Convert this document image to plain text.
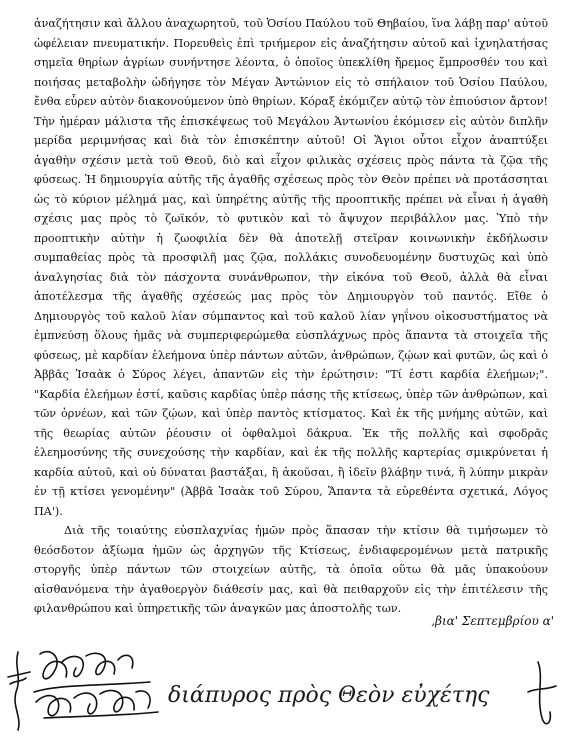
ἀναζήτησιν καὶ ἄλλου ἀναχωρητοῦ, τοῦ Ὁσίου Παύλου τοῦ Θηβαίου, ἵνα λάβῃ παρ' αὐτοῦ ὠφέλειαν πνευματικήν. Πορευθεὶς ἐπὶ τριήμερον εἰς ἀναζήτησιν αὐτοῦ καὶ ἰχνηλατήσας σημεῖα θηρίων ἀγρίων συνήντησε λέοντα, ὁ ὁποῖος ὑπεκλίθη ἤρεμος ἔμπροσθέν του καὶ ποιήσας μεταβολὴν ὡδήγησε τὸν Μέγαν Ἀντώνιον εἰς τὸ σπήλαιον τοῦ Ὁσίου Παύλου, ἔνθα εὗρεν αὐτὸν διακονούμενον ὑπὸ θηρίων. Κόραξ ἐκόμιζεν αὐτῷ τὸν ἐπιούσιον ἄρτον! Τὴν ἡμέραν μάλιστα τῆς ἐπισκέψεως τοῦ Μεγάλου Ἀντωνίου ἐκόμισεν εἰς αὐτὸν διπλῆν μερίδα μεριμνήσας καὶ διὰ τὸν ἐπισκέπτην αὐτοῦ! Οἱ Ἅγιοι οὗτοι εἶχον ἀναπτύξει ἀγαθὴν σχέσιν μετὰ τοῦ Θεοῦ, διὸ καὶ εἶχον φιλικὰς σχέσεις πρὸς πάντα τὰ ζῷα τῆς φύσεως. Ἡ δημιουργία αὐτῆς τῆς ἀγαθῆς σχέσεως πρὸς τὸν Θεὸν πρέπει νὰ προτάσσηται ὡς τὸ κύριον μέλημά μας, καὶ ὑπηρέτης αὐτῆς τῆς προοπτικῆς πρέπει νὰ εἶναι ἡ ἀγαθὴ σχέσις μας πρὸς τὸ ζωϊκόν, τὸ φυτικὸν καὶ τὸ ἄψυχον περιβάλλον μας. Ὑπὸ τὴν προοπτικὴν αὐτὴν ἡ ζωοφιλία δὲν θὰ ἀποτελῇ στεῖραν κοινωνικὴν ἐκδήλωσιν συμπαθείας πρὸς τὰ προσφιλῆ μας ζῷα, πολλάκις συνοδευομένην δυστυχῶς καὶ ὑπὸ ἀναλγησίας διὰ τὸν πάσχοντα συνάνθρωπον, τὴν εἰκόνα τοῦ Θεοῦ, ἀλλὰ θὰ εἶναι ἀποτέλεσμα τῆς ἀγαθῆς σχέσεώς μας πρὸς τὸν Δημιουργὸν τοῦ παντός. Εἴθε ὁ Δημιουργὸς τοῦ καλοῦ λίαν σύμπαντος καὶ τοῦ καλοῦ λίαν γηΐνου οἰκοσυστήματος νὰ ἐμπνεύσῃ ὅλους ἡμᾶς νὰ συμπεριφερώμεθα εὐσπλάχνως πρὸς ἅπαντα τὰ στοιχεῖα τῆς φύσεως, μὲ καρδίαν ἐλεήμονα ὑπὲρ πάντων αὐτῶν, ἀνθρώπων, ζῴων καὶ φυτῶν, ὡς καὶ ὁ Ἀββᾶς Ἰσαὰκ ὁ Σύρος λέγει, ἀπαντῶν εἰς τὴν ἐρώτησιν: "Τί ἐστι καρδία ἐλεήμων;". "Καρδία ἐλεήμων ἐστί, καῦσις καρδίας ὑπὲρ πάσης τῆς κτίσεως, ὑπὲρ τῶν ἀνθρώπων, καὶ τῶν ὀρνέων, καὶ τῶν ζῴων, καὶ ὑπὲρ παντὸς κτίσματος. Καὶ ἐκ τῆς μνήμης αὐτῶν, καὶ τῆς θεωρίας αὐτῶν ῥέουσιν οἱ ὀφθαλμοὶ δάκρυα. Ἐκ τῆς πολλῆς καὶ σφοδρᾶς ἐλεημοσύνης τῆς συνεχούσης τὴν καρδίαν, καὶ ἐκ τῆς πολλῆς καρτερίας σμικρύνεται ἡ καρδία αὐτοῦ, καὶ οὐ δύναται βαστάξαι, ἢ ἀκοῦσαι, ἢ ἰδεῖν βλάβην τινά, ἢ λύπην μικρὰν ἐν τῇ κτίσει γενομένην" (Ἀββᾶ Ἰσαὰκ τοῦ Σύρου, Ἅπαντα τὰ εὑρεθέντα σχετικά, Λόγος ΠΑ').

Διὰ τῆς τοιαύτης εὐσπλαχνίας ἡμῶν πρὸς ἅπασαν τὴν κτίσιν θὰ τιμήσωμεν τὸ θεόσδοτον ἀξίωμα ἡμῶν ὡς ἀρχηγῶν τῆς Κτίσεως, ἐνδιαφερομένων μετὰ πατρικῆς στοργῆς ὑπὲρ πάντων τῶν στοιχείων αὐτῆς, τὰ ὁποῖα οὕτω θὰ μᾶς ὑπακούουν αἰσθανόμενα τὴν ἀγαθοεργὸν διάθεσίν μας, καὶ θὰ πειθαρχοῦν εἰς τὴν ἐπιτέλεσιν τῆς φιλανθρώπου καὶ ὑπηρετικῆς τῶν ἀναγκῶν μας ἀποστολῆς των.

,βια' Σεπτεμβρίου α'
διάπυρος πρὸς Θεὸν εὐχέτης
